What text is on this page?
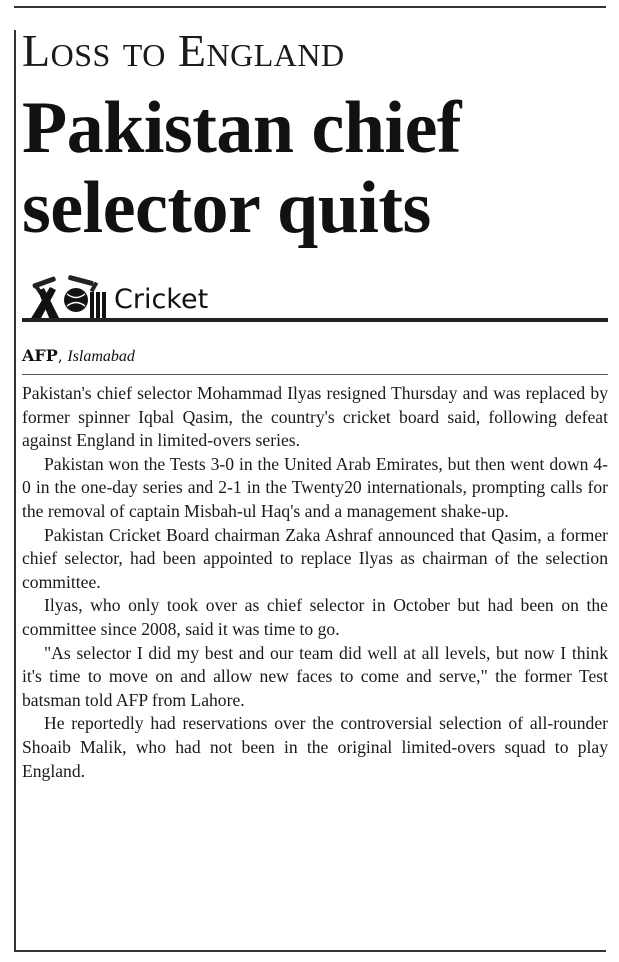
Loss to England
Pakistan chief selector quits
Cricket
AFP, Islamabad

Pakistan's chief selector Mohammad Ilyas resigned Thursday and was replaced by former spinner Iqbal Qasim, the country's cricket board said, following defeat against England in limited-overs series.

Pakistan won the Tests 3-0 in the United Arab Emirates, but then went down 4-0 in the one-day series and 2-1 in the Twenty20 internationals, prompting calls for the removal of captain Misbah-ul Haq's and a management shake-up.

Pakistan Cricket Board chairman Zaka Ashraf announced that Qasim, a former chief selector, had been appointed to replace Ilyas as chairman of the selection committee.

Ilyas, who only took over as chief selector in October but had been on the committee since 2008, said it was time to go.

"As selector I did my best and our team did well at all levels, but now I think it's time to move on and allow new faces to come and serve," the former Test batsman told AFP from Lahore.

He reportedly had reservations over the controversial selection of all-rounder Shoaib Malik, who had not been in the original limited-overs squad to play England.
